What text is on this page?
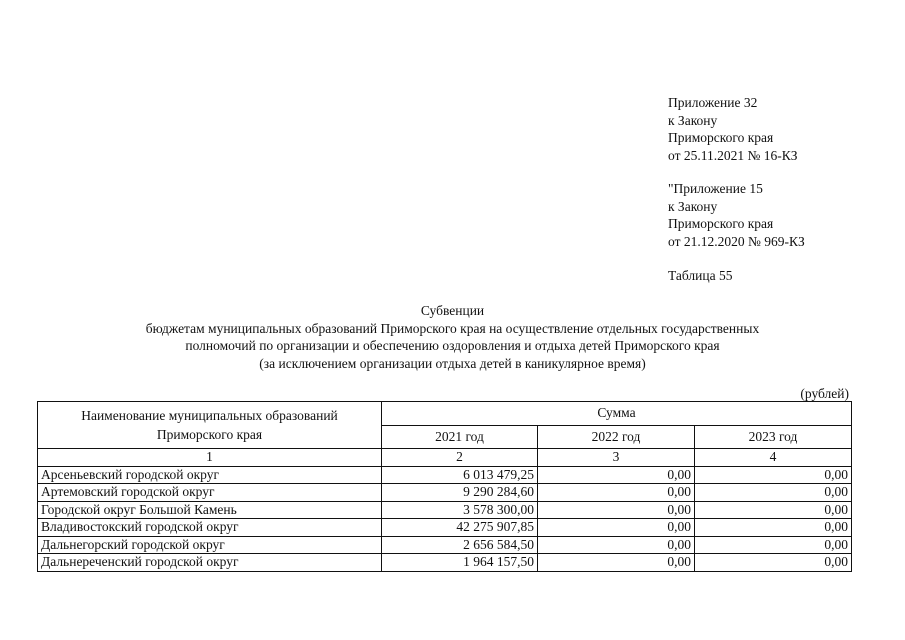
Приложение 32
к Закону
Приморского края
от 25.11.2021 № 16-КЗ
"Приложение 15
к Закону
Приморского края
от 21.12.2020 № 969-КЗ
Таблица 55
Субвенции
бюджетам муниципальных образований Приморского края на осуществление отдельных государственных
полномочий по организации и обеспечению оздоровления и отдыха детей Приморского края
(за исключением организации отдыха детей в каникулярное время)
(рублей)
Наименование муниципальных образований
Приморского края	Сумма		
	2021 год	2022 год	2023 год
1	2	3	4
Арсеньевский городской округ	6 013 479,25	0,00	0,00
Артемовский городской округ	9 290 284,60	0,00	0,00
Городской округ Большой Камень	3 578 300,00	0,00	0,00
Владивостокский городской округ	42 275 907,85	0,00	0,00
Дальнегорский городской округ	2 656 584,50	0,00	0,00
Дальнереченский городской округ	1 964 157,50	0,00	0,00
